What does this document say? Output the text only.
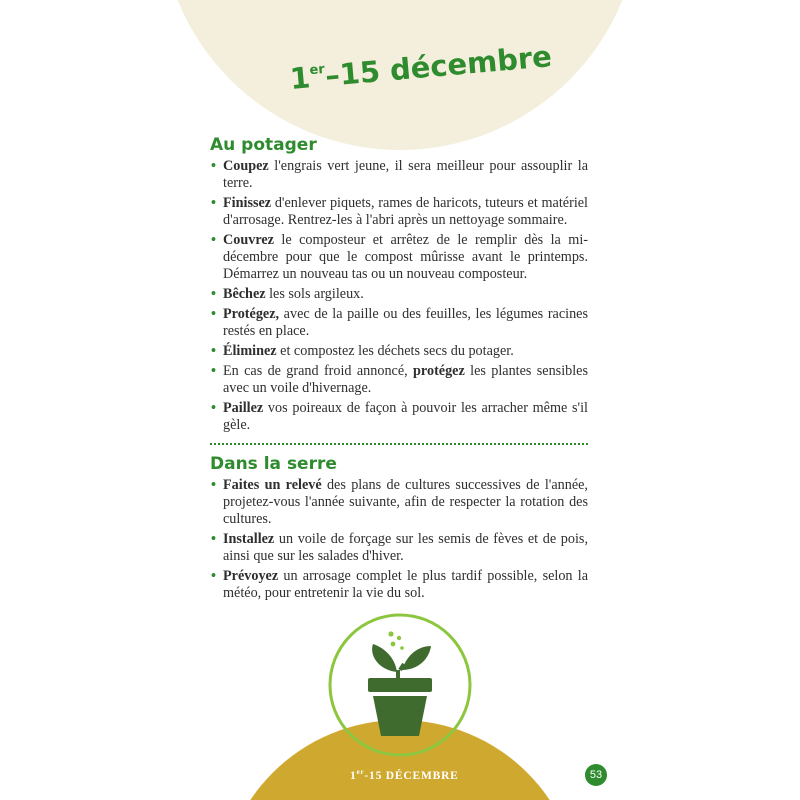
1er–15 décembre
Au potager
• Coupez l'engrais vert jeune, il sera meilleur pour assouplir la terre.
• Finissez d'enlever piquets, rames de haricots, tuteurs et matériel d'arrosage. Rentrez-les à l'abri après un nettoyage sommaire.
• Couvrez le composteur et arrêtez de le remplir dès la mi-décembre pour que le compost mûrisse avant le printemps. Démarrez un nouveau tas ou un nouveau composteur.
• Bêchez les sols argileux.
• Protégez, avec de la paille ou des feuilles, les légumes racines restés en place.
• Éliminez et compostez les déchets secs du potager.
• En cas de grand froid annoncé, protégez les plantes sensibles avec un voile d'hivernage.
• Paillez vos poireaux de façon à pouvoir les arracher même s'il gèle.
Dans la serre
• Faites un relevé des plans de cultures successives de l'année, projetez-vous l'année suivante, afin de respecter la rotation des cultures.
• Installez un voile de forçage sur les semis de fèves et de pois, ainsi que sur les salades d'hiver.
• Prévoyez un arrosage complet le plus tardif possible, selon la météo, pour entretenir la vie du sol.
1er-15 DÉCEMBRE	53
